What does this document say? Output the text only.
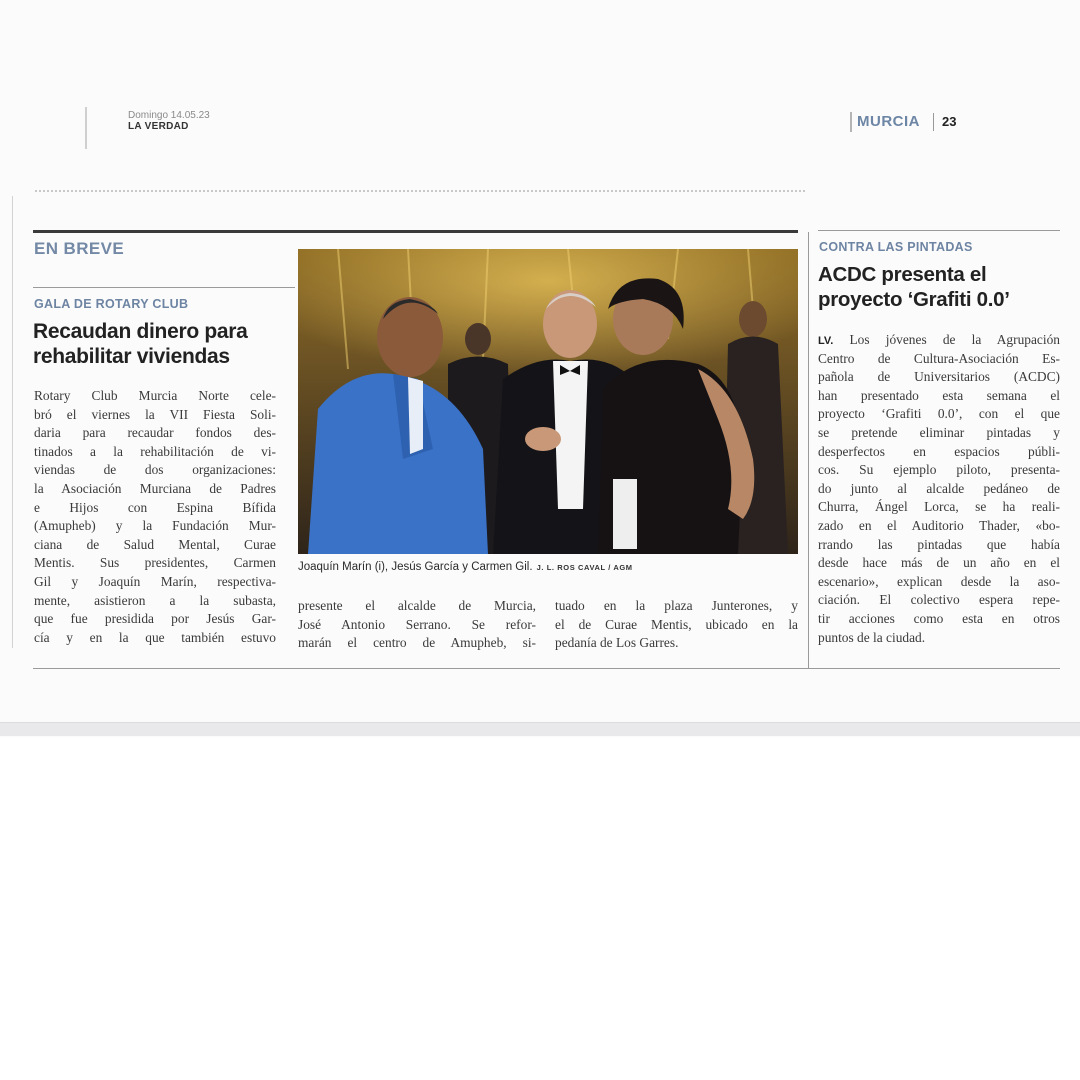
Domingo 14.05.23
LA VERDAD	MURCIA 23
EN BREVE
GALA DE ROTARY CLUB
Recaudan dinero para
rehabilitar viviendas
Rotary Club Murcia Norte cele-
bró el viernes la VII Fiesta Soli-
daria para recaudar fondos des-
tinados a la rehabilitación de vi-
viendas de dos organizaciones:
la Asociación Murciana de Padres
e Hijos con Espina Bífida
(Amupheb) y la Fundación Mur-
ciana de Salud Mental, Curae
Mentis. Sus presidentes, Carmen
Gil y Joaquín Marín, respectiva-
mente, asistieron a la subasta,
que fue presidida por Jesús Gar-
cía y en la que también estuvo
Joaquín Marín (i), Jesús García y Carmen Gil. J. L. ROS CAVAL / AGM
presente el alcalde de Murcia,
José Antonio Serrano. Se refor-
marán el centro de Amupheb, si-
tuado en la plaza Junterones, y
el de Curae Mentis, ubicado en la
pedanía de Los Garres.
CONTRA LAS PINTADAS
ACDC presenta el
proyecto ‘Grafiti 0.0’
LV. Los jóvenes de la Agrupación
Centro de Cultura-Asociación Es-
pañola de Universitarios (ACDC)
han presentado esta semana el
proyecto ‘Grafiti 0.0’, con el que
se pretende eliminar pintadas y
desperfectos en espacios públi-
cos. Su ejemplo piloto, presenta-
do junto al alcalde pedáneo de
Churra, Ángel Lorca, se ha reali-
zado en el Auditorio Thader, «bo-
rrando las pintadas que había
desde hace más de un año en el
escenario», explican desde la aso-
ciación. El colectivo espera repe-
tir acciones como esta en otros
puntos de la ciudad.
